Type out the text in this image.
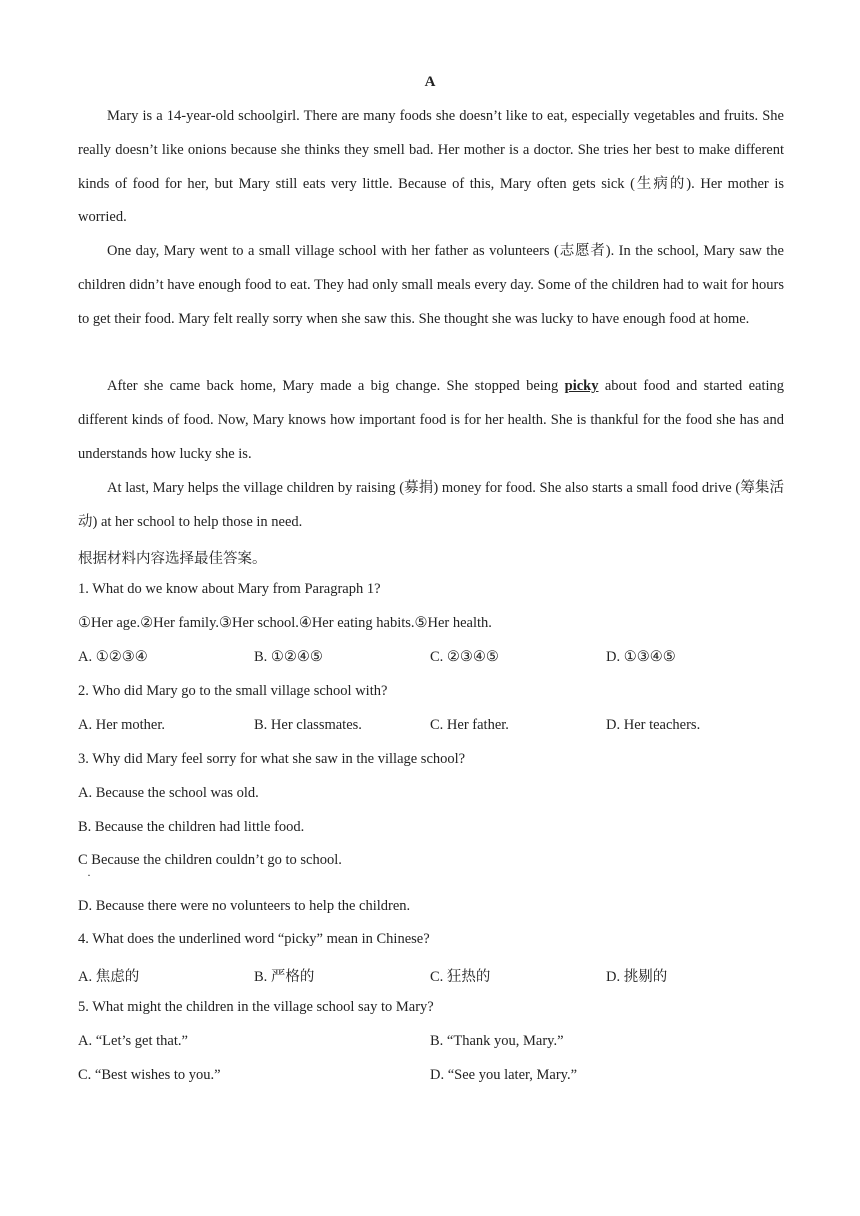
A

Mary is a 14-year-old schoolgirl. There are many foods she doesn’t like to eat, especially vegetables and fruits. She really doesn’t like onions because she thinks they smell bad. Her mother is a doctor. She tries her best to make different kinds of food for her, but Mary still eats very little. Because of this, Mary often gets sick (生病的). Her mother is worried.

One day, Mary went to a small village school with her father as volunteers (志愿者). In the school, Mary saw the children didn’t have enough food to eat. They had only small meals every day. Some of the children had to wait for hours to get their food. Mary felt really sorry when she saw this. She thought she was lucky to have enough food at home.

After she came back home, Mary made a big change. She stopped being picky about food and started eating different kinds of food. Now, Mary knows how important food is for her health. She is thankful for the food she has and understands how lucky she is.

At last, Mary helps the village children by raising (募捐) money for food. She also starts a small food drive (筹集活动) at her school to help those in need.

根据材料内容选择最佳答案。
1. What do we know about Mary from Paragraph 1?
①Her age.②Her family.③Her school.④Her eating habits.⑤Her health.
A. ①②③④	B. ①②④⑤	C. ②③④⑤	D. ①③④⑤
2. Who did Mary go to the small village school with?
A. Her mother.	B. Her classmates.	C. Her father.	D. Her teachers.
3. Why did Mary feel sorry for what she saw in the village school?
A. Because the school was old.
B. Because the children had little food.
C Because the children couldn’t go to school.
·
D. Because there were no volunteers to help the children.
4. What does the underlined word “picky” mean in Chinese?
A. 焦虑的	B. 严格的	C. 狂热的	D. 挑剔的
5. What might the children in the village school say to Mary?
A. “Let’s get that.”	B. “Thank you, Mary.”
C. “Best wishes to you.”	D. “See you later, Mary.”
